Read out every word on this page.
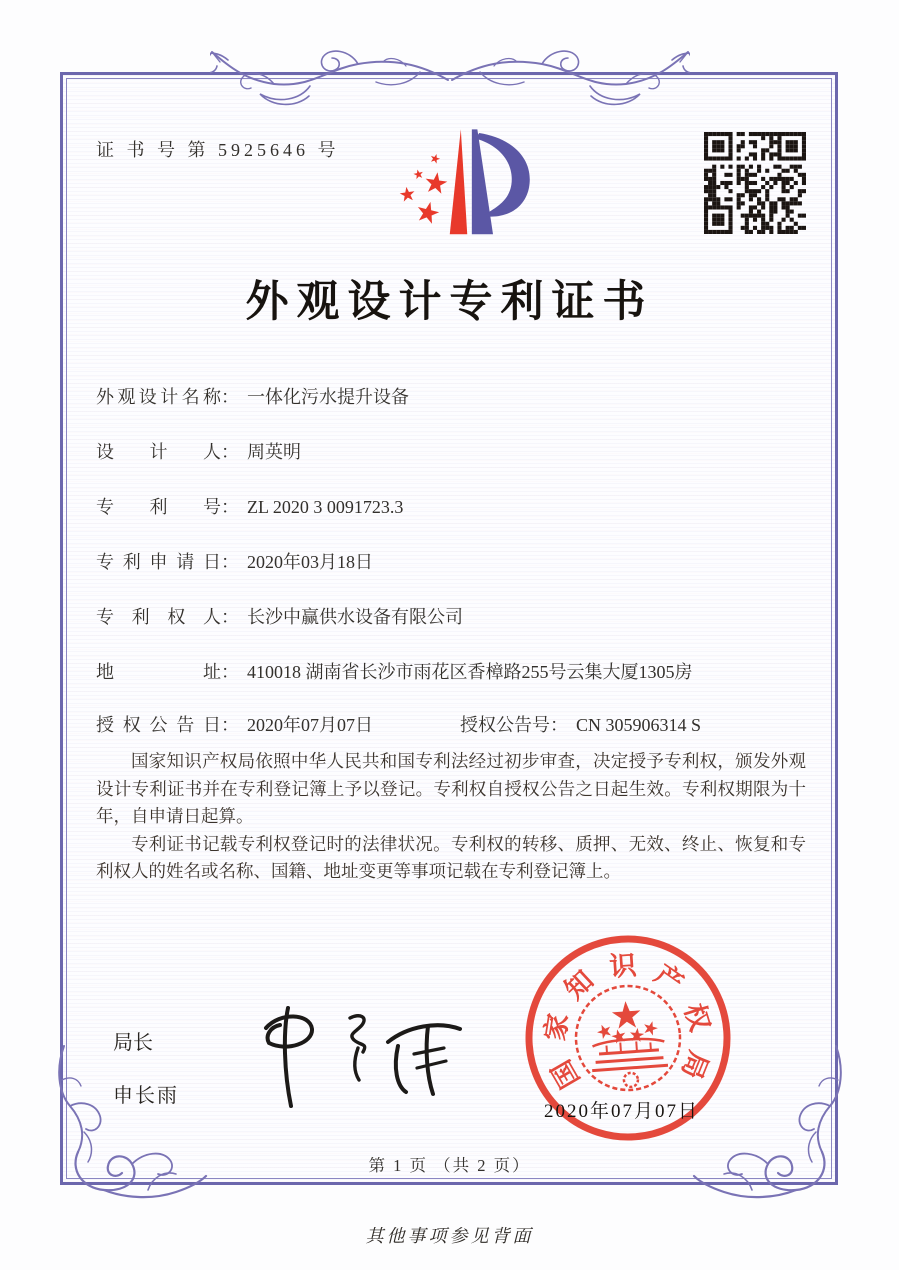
证 书 号 第 5925646 号
外观设计专利证书
外观设计名称： 一体化污水提升设备
设计人： 周英明
专利号： ZL 2020 3 0091723.3
专利申请日： 2020年03月18日
专利权人： 长沙中赢供水设备有限公司
地址： 410018 湖南省长沙市雨花区香樟路255号云集大厦1305房
授权公告日： 2020年07月07日	授权公告号： CN 305906314 S

国家知识产权局依照中华人民共和国专利法经过初步审查，决定授予专利权，颁发外观设计专利证书并在专利登记簿上予以登记。专利权自授权公告之日起生效。专利权期限为十年，自申请日起算。

专利证书记载专利权登记时的法律状况。专利权的转移、质押、无效、终止、恢复和专利权人的姓名或名称、国籍、地址变更等事项记载在专利登记簿上。

局长
申长雨
国
家
知 识 产
权
局
2020年07月07日
第 1 页 （共 2 页）
其他事项参见背面
